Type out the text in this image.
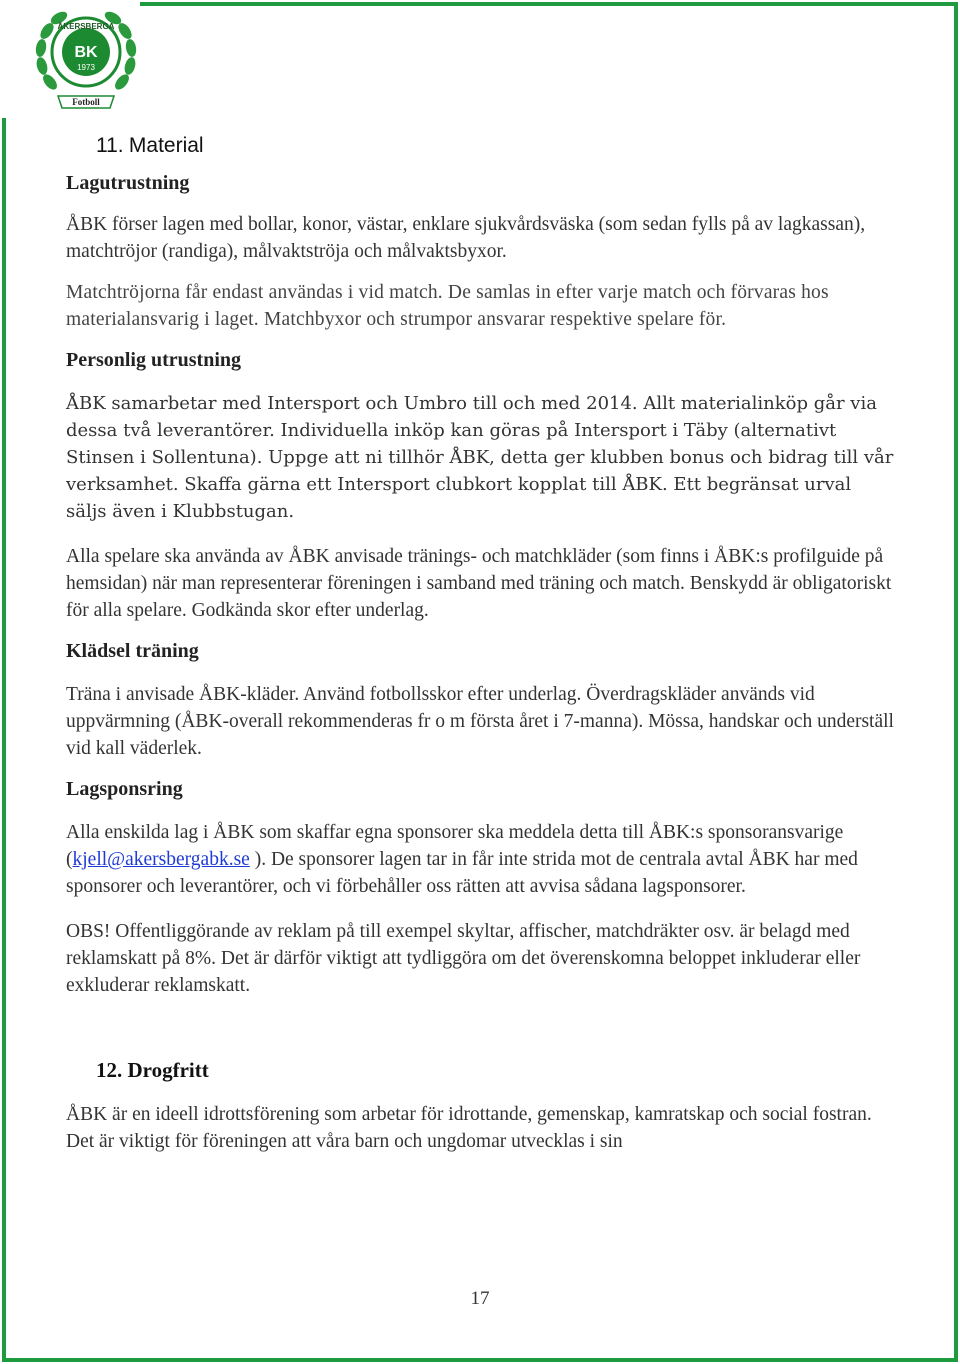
ÅKERSBERGA
BK
1973
Fotboll
11. Material
Lagutrustning

ÅBK förser lagen med bollar, konor, västar, enklare sjukvårdsväska (som sedan fylls på av lagkassan), matchtröjor (randiga), målvaktströja och målvaktsbyxor.

Matchtröjorna får endast användas i vid match. De samlas in efter varje match och förvaras hos materialansvarig i laget. Matchbyxor och strumpor ansvarar respektive spelare för.

Personlig utrustning

ÅBK samarbetar med Intersport och Umbro till och med 2014. Allt materialinköp går via dessa två leverantörer. Individuella inköp kan göras på Intersport i Täby (alternativt Stinsen i Sollentuna). Uppge att ni tillhör ÅBK, detta ger klubben bonus och bidrag till vår verksamhet. Skaffa gärna ett Intersport clubkort kopplat till ÅBK. Ett begränsat urval säljs även i Klubbstugan.

Alla spelare ska använda av ÅBK anvisade tränings- och matchkläder (som finns i ÅBK:s profilguide på hemsidan) när man representerar föreningen i samband med träning och match. Benskydd är obligatoriskt för alla spelare. Godkända skor efter underlag.

Klädsel träning

Träna i anvisade ÅBK-kläder. Använd fotbollsskor efter underlag. Överdragskläder används vid uppvärmning (ÅBK-overall rekommenderas fr o m första året i 7-manna). Mössa, handskar och underställ vid kall väderlek.

Lagsponsring

Alla enskilda lag i ÅBK som skaffar egna sponsorer ska meddela detta till ÅBK:s sponsoransvarige (kjell@akersbergabk.se ). De sponsorer lagen tar in får inte strida mot de centrala avtal ÅBK har med sponsorer och leverantörer, och vi förbehåller oss rätten att avvisa sådana lagsponsorer.

OBS! Offentliggörande av reklam på till exempel skyltar, affischer, matchdräkter osv. är belagd med reklamskatt på 8%. Det är därför viktigt att tydliggöra om det överenskomna beloppet inkluderar eller exkluderar reklamskatt.

12. Drogfritt

ÅBK är en ideell idrottsförening som arbetar för idrottande, gemenskap, kamratskap och social fostran. Det är viktigt för föreningen att våra barn och ungdomar utvecklas i sin

17
